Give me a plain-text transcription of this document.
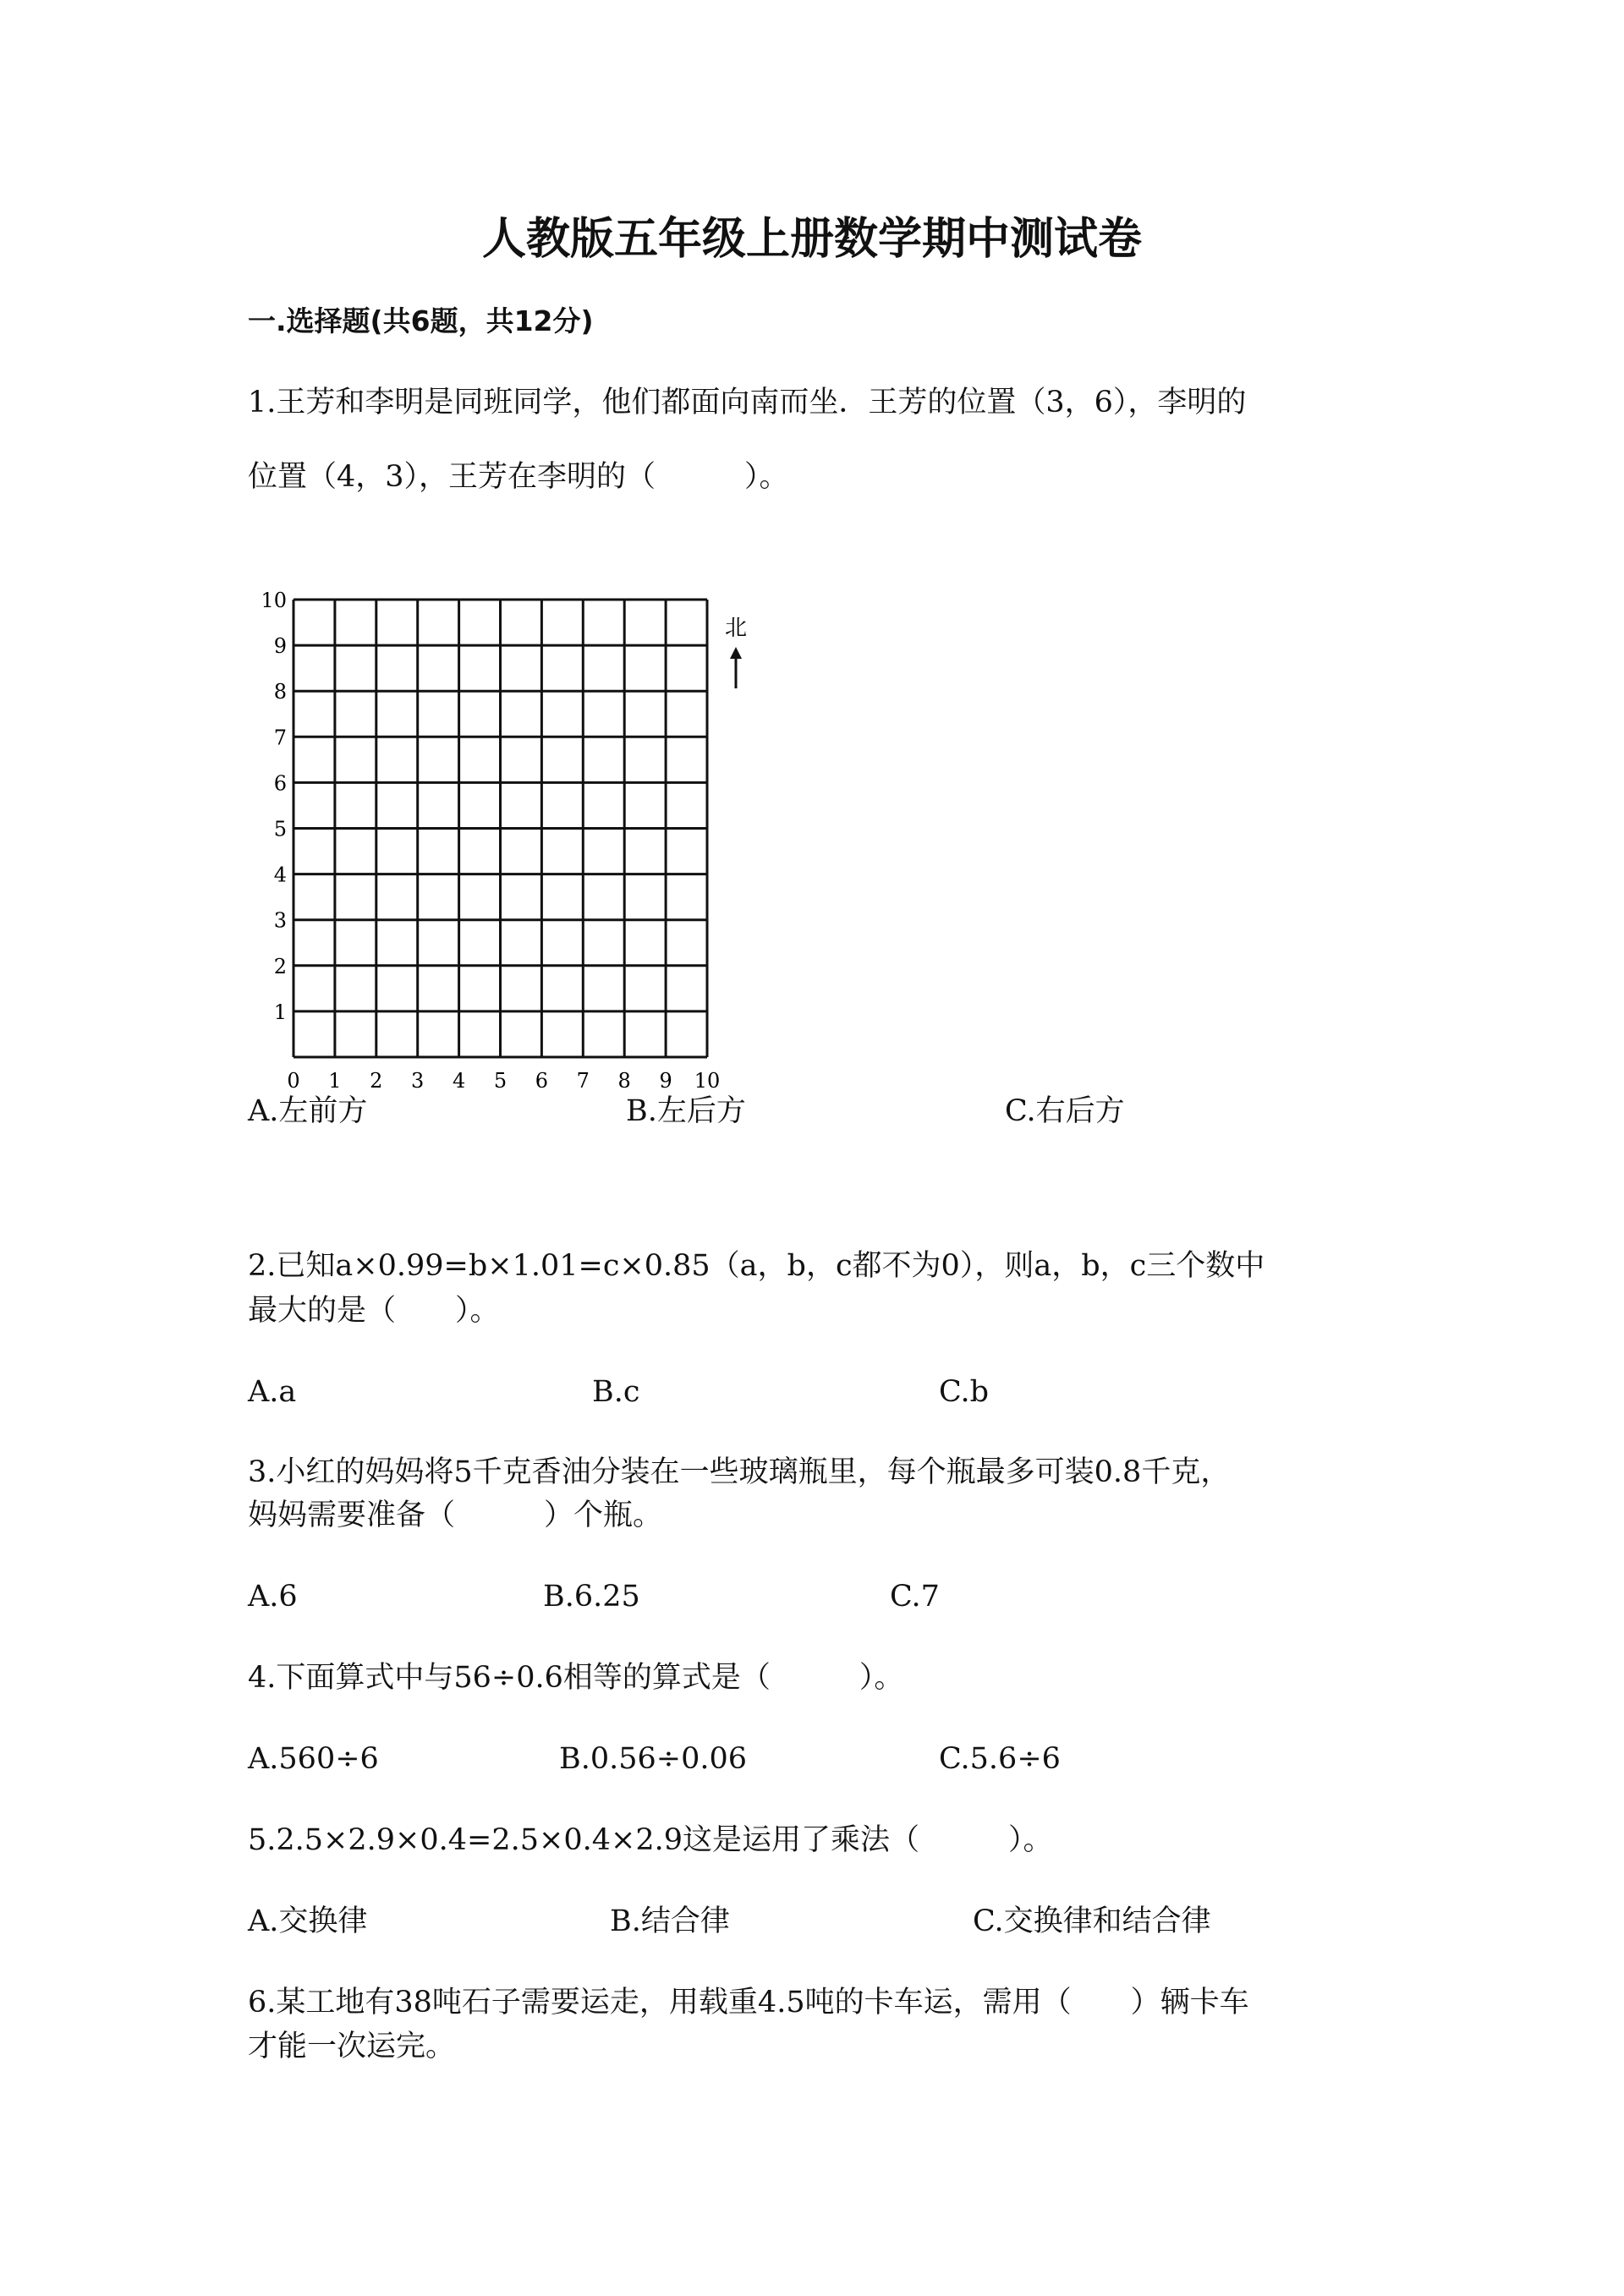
人教版五年级上册数学期中测试卷
一.选择题(共6题，共12分)
1.王芳和李明是同班同学，他们都面向南而坐．王芳的位置（3，6），李明的
位置（4，3），王芳在李明的（　　　）。
0 1 2 3 4 5 6 7 8 9 10
1
2
3
4
5
6
7
8
9
10
北
A.左前方	B.左后方	C.右后方
2.已知a×0.99=b×1.01=c×0.85（a，b，c都不为0），则a，b，c三个数中
最大的是（　　）。
A.a	B.c	C.b
3.小红的妈妈将5千克香油分装在一些玻璃瓶里，每个瓶最多可装0.8千克，
妈妈需要准备（　　　）个瓶。
A.6	B.6.25	C.7
4.下面算式中与56÷0.6相等的算式是（　　　）。
A.560÷6	B.0.56÷0.06	C.5.6÷6
5.2.5×2.9×0.4=2.5×0.4×2.9这是运用了乘法（　　　）。
A.交换律	B.结合律	C.交换律和结合律
6.某工地有38吨石子需要运走，用载重4.5吨的卡车运，需用（　　）辆卡车
才能一次运完。
